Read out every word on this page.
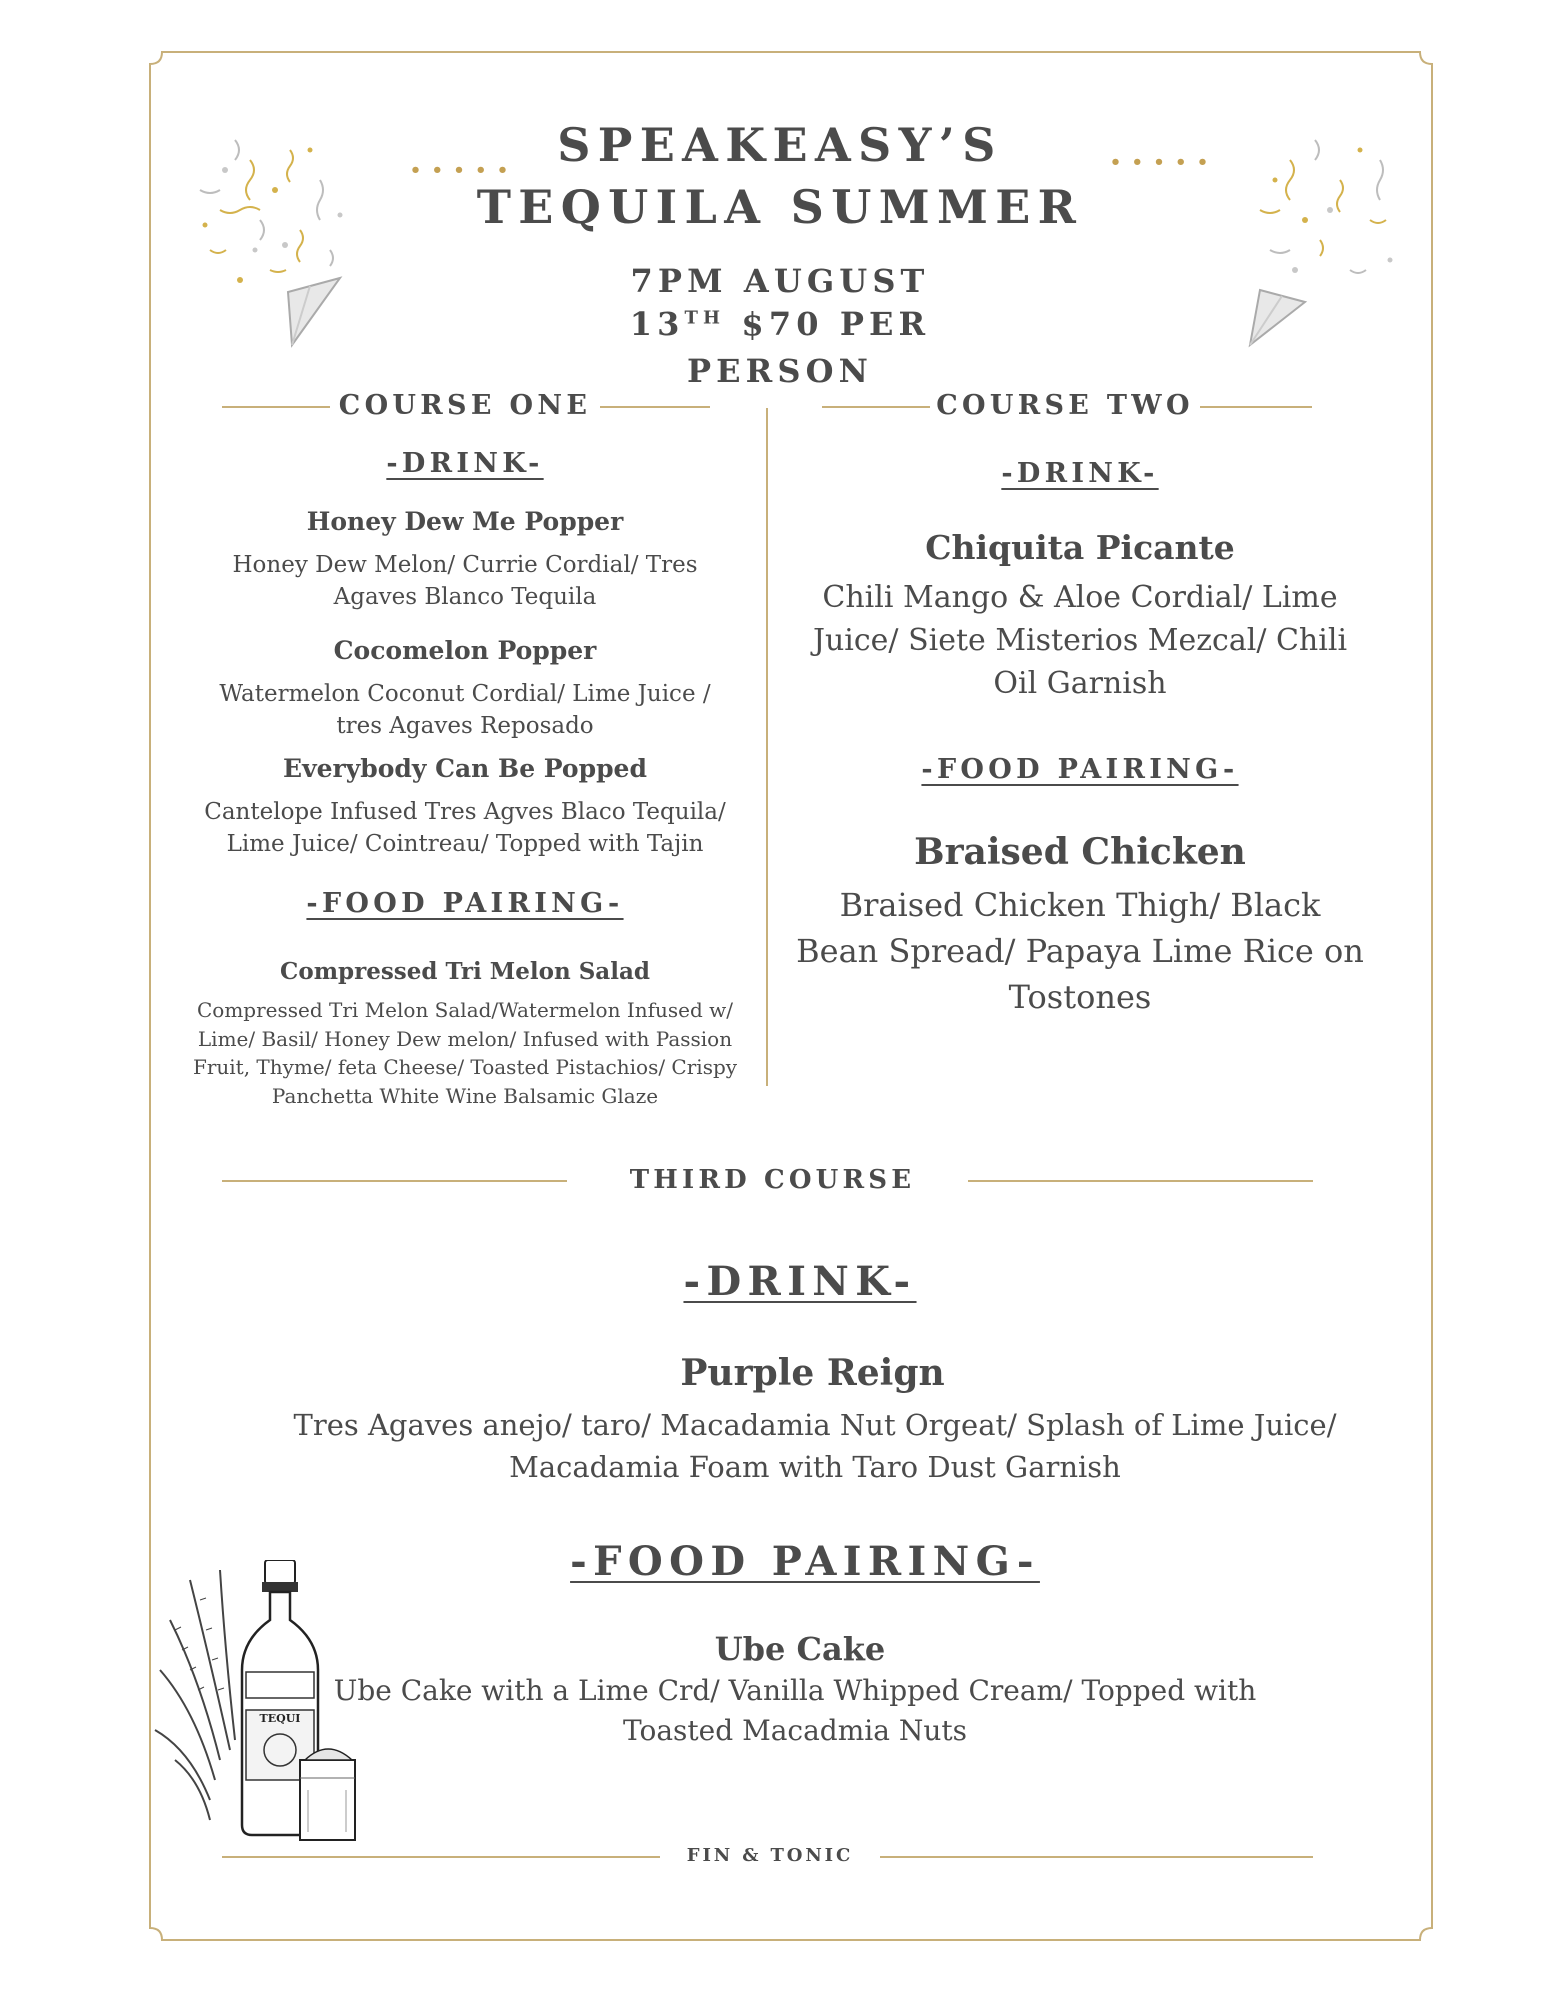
• • • • •	• • • • •
SPEAKEASY’S
TEQUILA SUMMER
7PM AUGUST
13TH $70 PER
PERSON
COURSE ONE	COURSE TWO
-DRINK-
Honey Dew Me Popper
Honey Dew Melon/ Currie Cordial/ Tres Agaves Blanco Tequila
Cocomelon Popper
Watermelon Coconut Cordial/ Lime Juice / tres Agaves Reposado
Everybody Can Be Popped
Cantelope Infused Tres Agves Blaco Tequila/ Lime Juice/ Cointreau/ Topped with Tajin
-FOOD PAIRING-
Compressed Tri Melon Salad
Compressed Tri Melon Salad/Watermelon Infused w/ Lime/ Basil/ Honey Dew melon/ Infused with Passion Fruit, Thyme/ feta Cheese/ Toasted Pistachios/ Crispy Panchetta White Wine Balsamic Glaze
-DRINK-
Chiquita Picante
Chili Mango & Aloe Cordial/ Lime Juice/ Siete Misterios Mezcal/ Chili Oil Garnish
-FOOD PAIRING-
Braised Chicken
Braised Chicken Thigh/ Black Bean Spread/ Papaya Lime Rice on Tostones
THIRD COURSE
-DRINK-
Purple Reign
Tres Agaves anejo/ taro/ Macadamia Nut Orgeat/ Splash of Lime Juice/
Macadamia Foam with Taro Dust Garnish
-FOOD PAIRING-
Ube Cake
Ube Cake with a Lime Crd/ Vanilla Whipped Cream/ Topped with
Toasted Macadmia Nuts
TEQUI
FIN & TONIC
